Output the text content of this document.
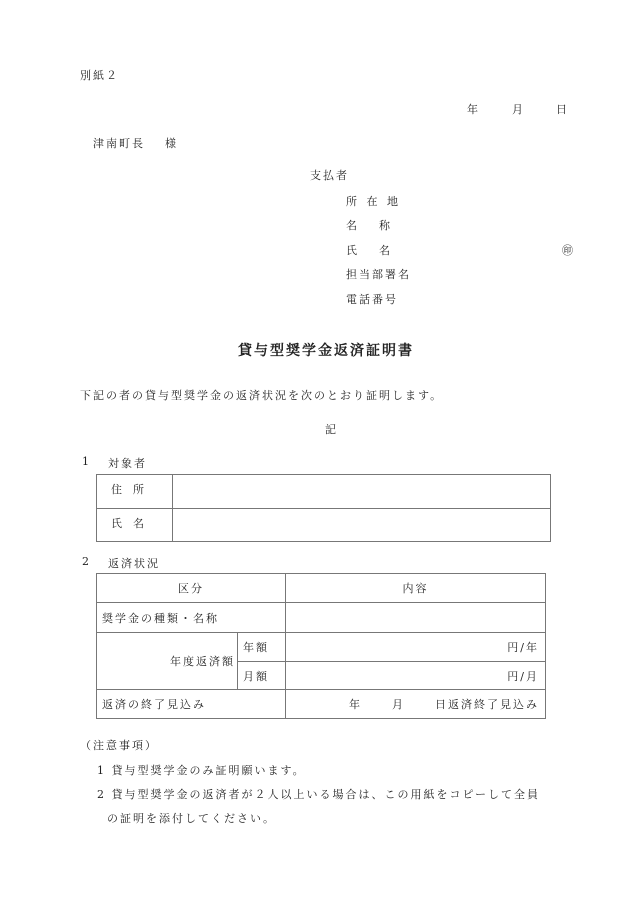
別紙２
年	月	日
津南町長 様
支払者
所 在 地
名　　称
氏　　名	㊞
担当部署名
電話番号
貸与型奨学金返済証明書
下記の者の貸与型奨学金の返済状況を次のとおり証明します。
記
1 対象者
住　所	
氏　名	
2 返済状況
区分		内容
奨学金の種類・名称		
年度返済額	年額	円/年
	月額	円/月
返済の終了見込み		年 月 日返済終了見込み
（注意事項）
1 貸与型奨学金のみ証明願います。
2 貸与型奨学金の返済者が２人以上いる場合は、この用紙をコピーして全員
の証明を添付してください。
